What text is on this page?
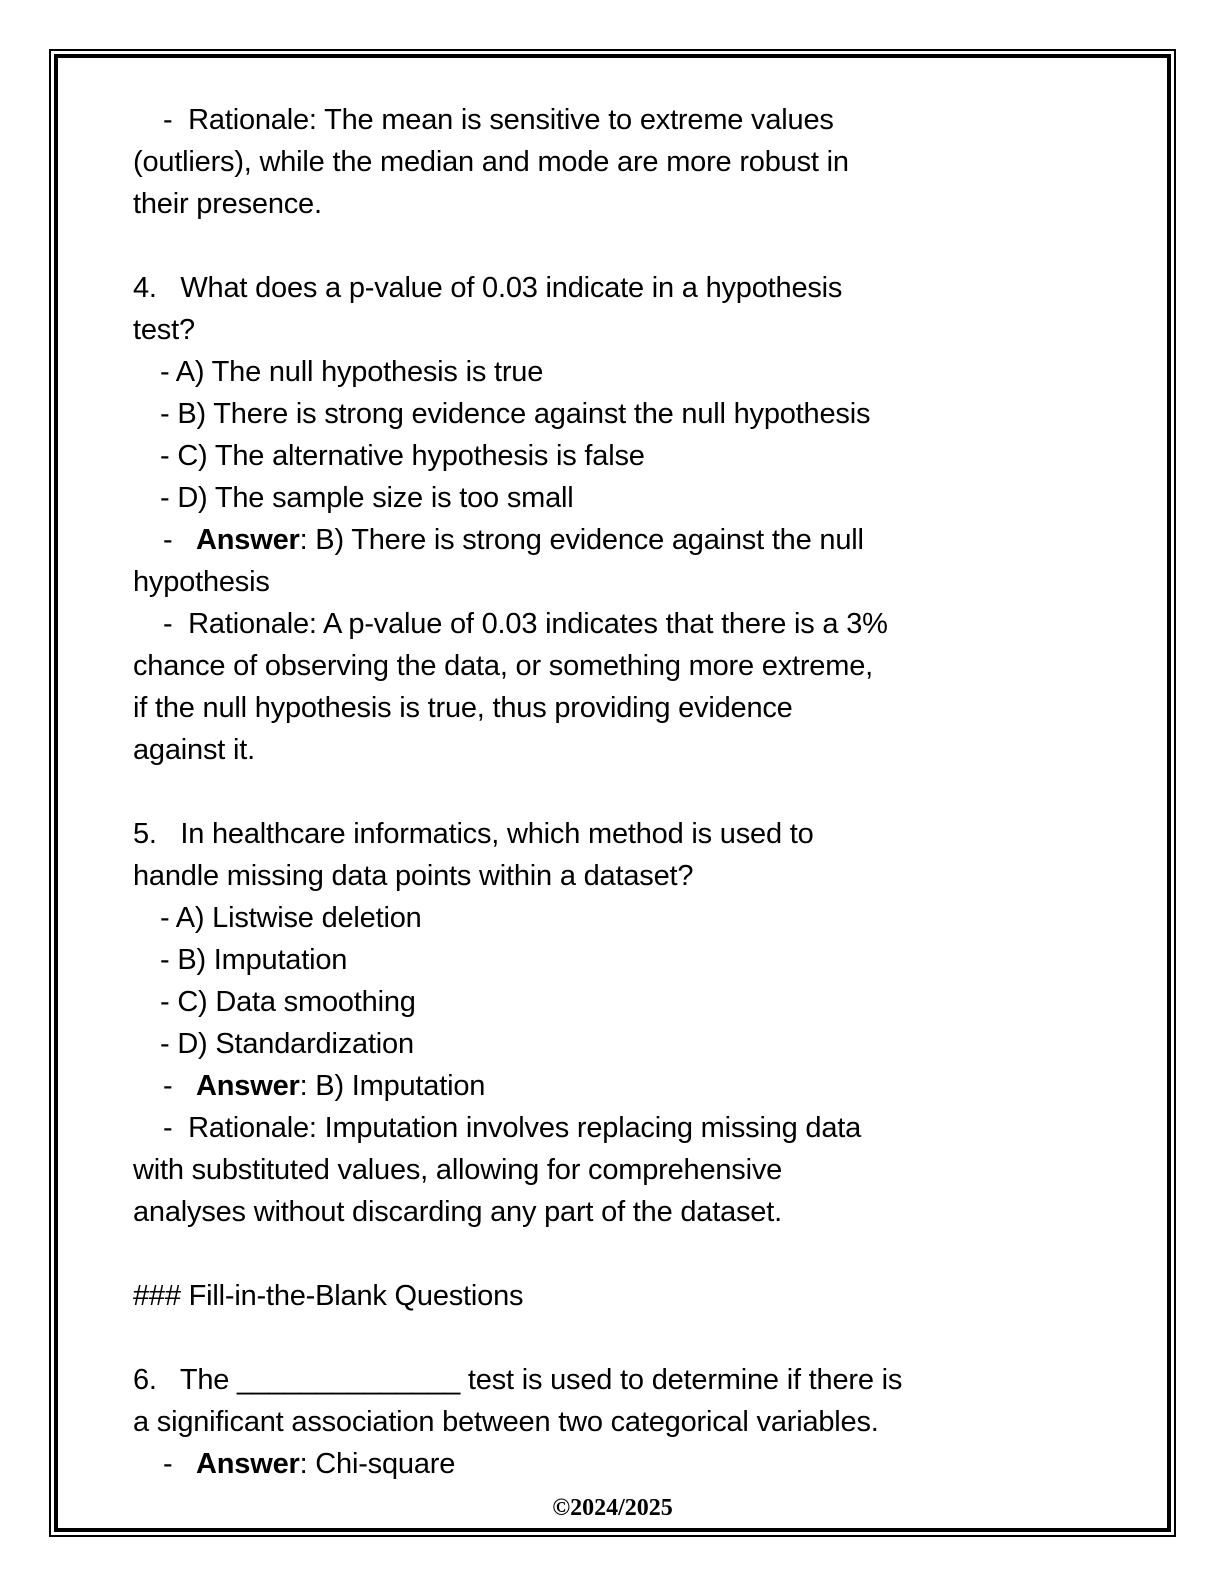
-  Rationale: The mean is sensitive to extreme values
(outliers), while the median and mode are more robust in
their presence.
4.   What does a p-value of 0.03 indicate in a hypothesis
test?
- A) The null hypothesis is true
- B) There is strong evidence against the null hypothesis
- C) The alternative hypothesis is false
- D) The sample size is too small
-   Answer: B) There is strong evidence against the null
hypothesis
-  Rationale: A p-value of 0.03 indicates that there is a 3%
chance of observing the data, or something more extreme,
if the null hypothesis is true, thus providing evidence
against it.
5.   In healthcare informatics, which method is used to
handle missing data points within a dataset?
- A) Listwise deletion
- B) Imputation
- C) Data smoothing
- D) Standardization
-   Answer: B) Imputation
-  Rationale: Imputation involves replacing missing data
with substituted values, allowing for comprehensive
analyses without discarding any part of the dataset.
### Fill-in-the-Blank Questions
6.   The ______________ test is used to determine if there is
a significant association between two categorical variables.
-   Answer: Chi-square
©2024/2025
